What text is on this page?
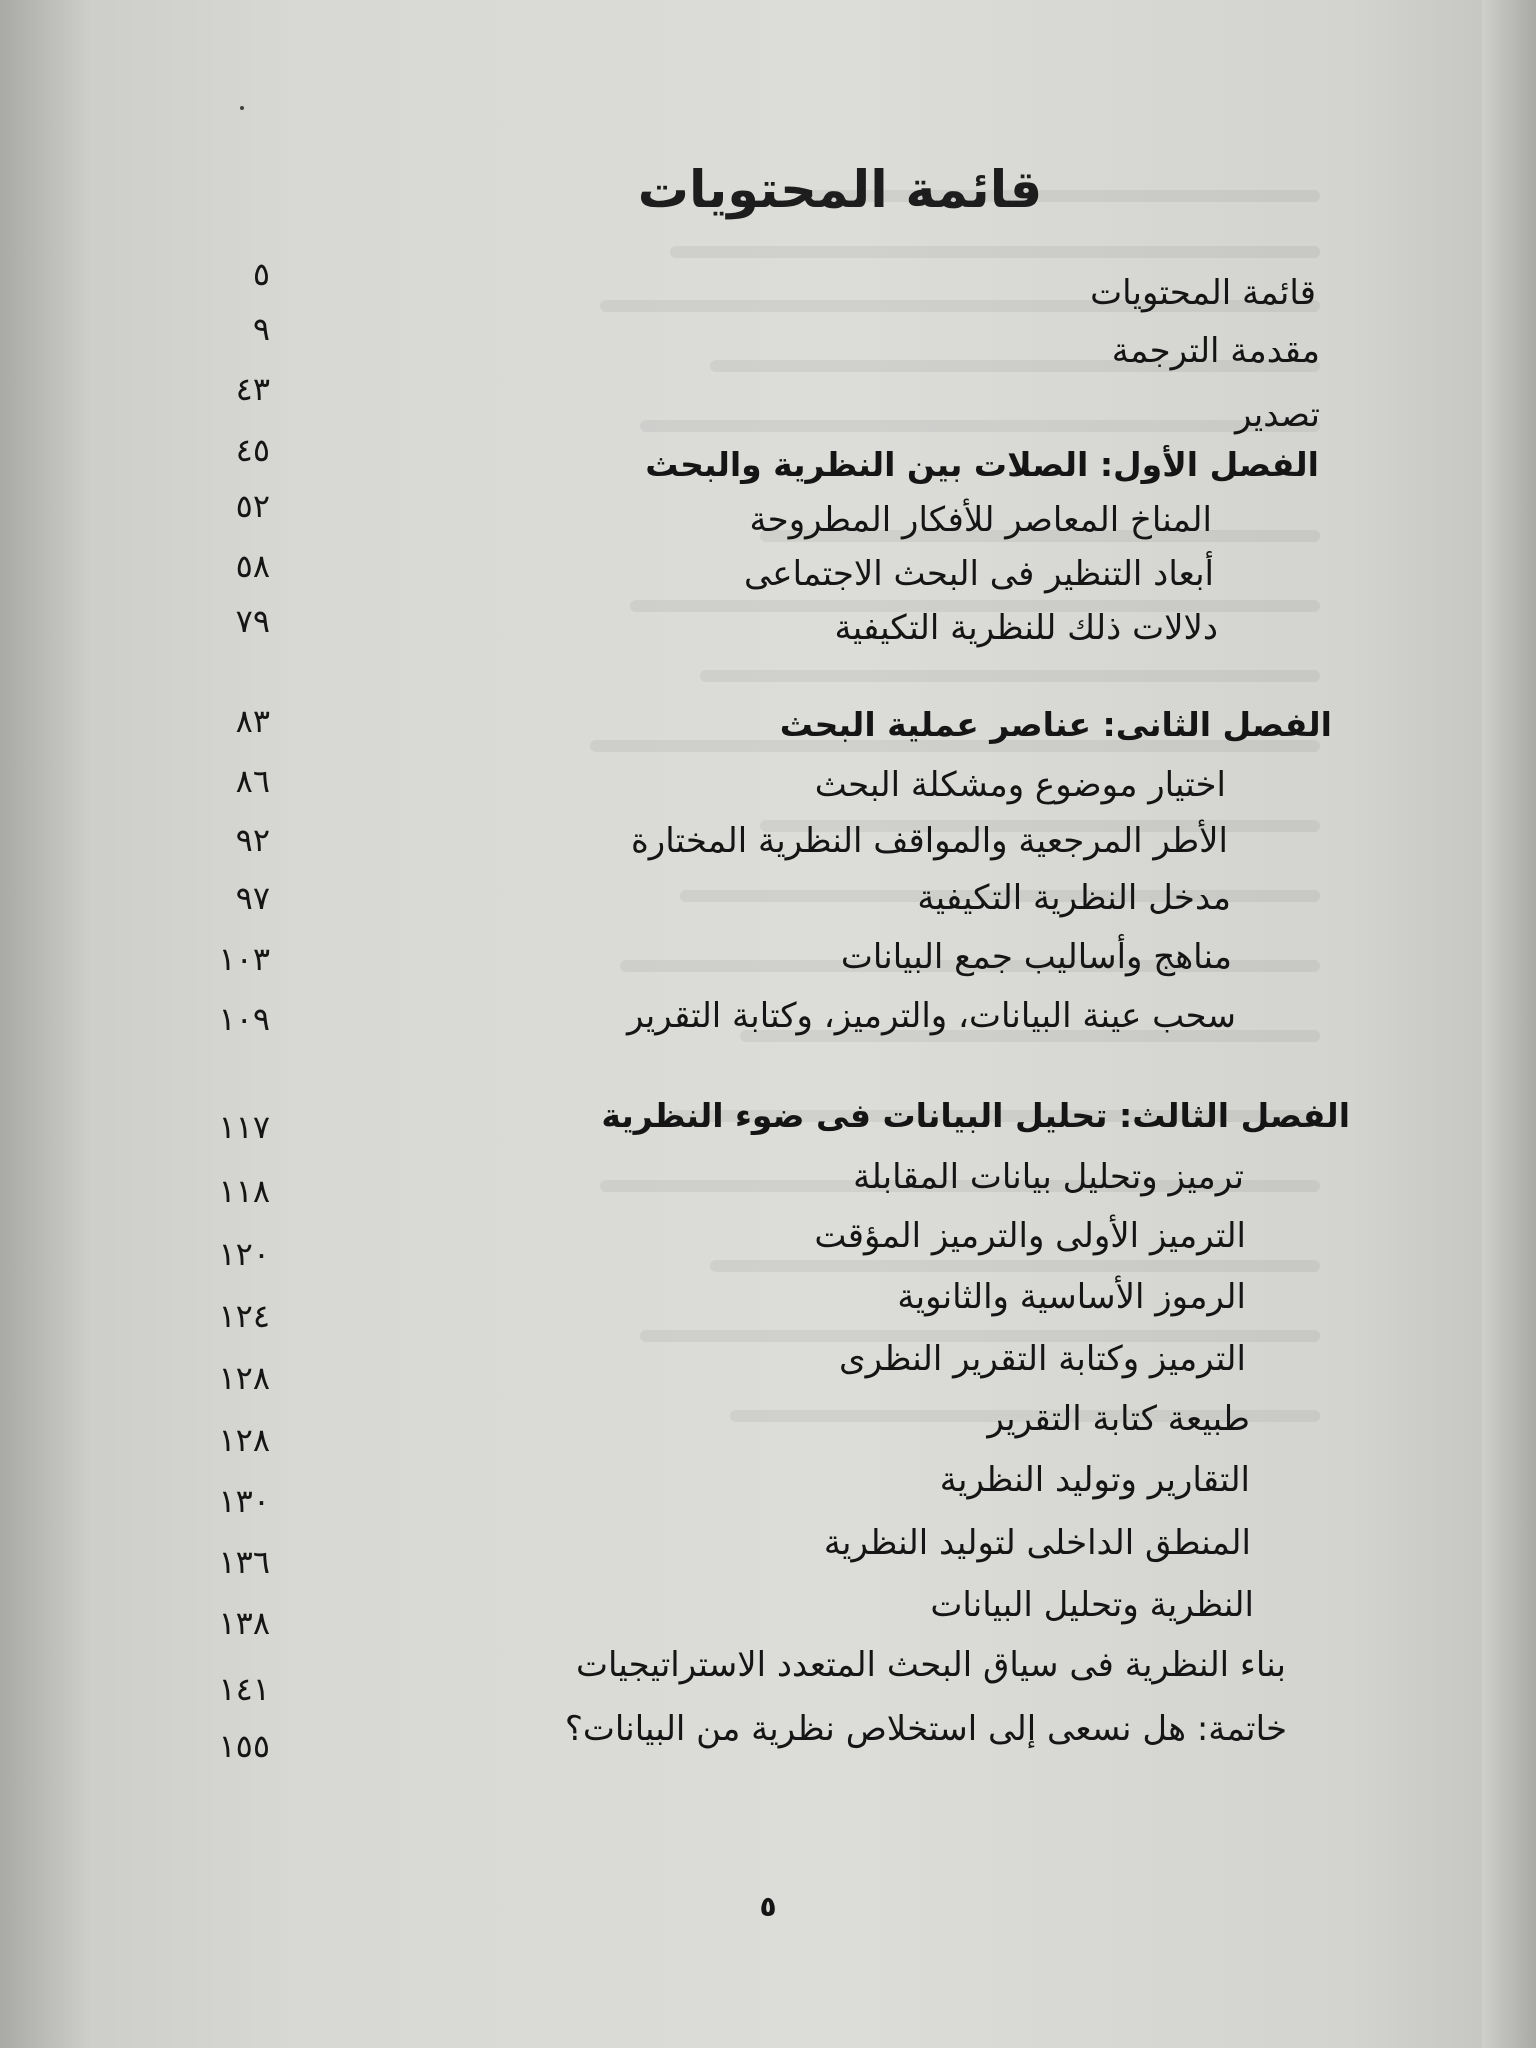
قائمة المحتويات
قائمة المحتويات
٥
مقدمة الترجمة
٩
تصدير
٤٣
الفصل الأول: الصلات بين النظرية والبحث
٤٥
المناخ المعاصر للأفكار المطروحة
٥٢
أبعاد التنظير فى البحث الاجتماعى
٥٨
دلالات ذلك للنظرية التكيفية
٧٩
الفصل الثانى: عناصر عملية البحث
٨٣
اختيار موضوع ومشكلة البحث
٨٦
الأطر المرجعية والمواقف النظرية المختارة
٩٢
مدخل النظرية التكيفية
٩٧
مناهج وأساليب جمع البيانات
١٠٣
سحب عينة البيانات، والترميز، وكتابة التقرير
١٠٩
الفصل الثالث: تحليل البيانات فى ضوء النظرية
١١٧
ترميز وتحليل بيانات المقابلة
١١٨
الترميز الأولى والترميز المؤقت
١٢٠
الرموز الأساسية والثانوية
١٢٤
الترميز وكتابة التقرير النظرى
١٢٨
طبيعة كتابة التقرير
١٢٨
التقارير وتوليد النظرية
١٣٠
المنطق الداخلى لتوليد النظرية
١٣٦
النظرية وتحليل البيانات
١٣٨
بناء النظرية فى سياق البحث المتعدد الاستراتيجيات
١٤١
خاتمة: هل نسعى إلى استخلاص نظرية من البيانات؟
١٥٥
٥
